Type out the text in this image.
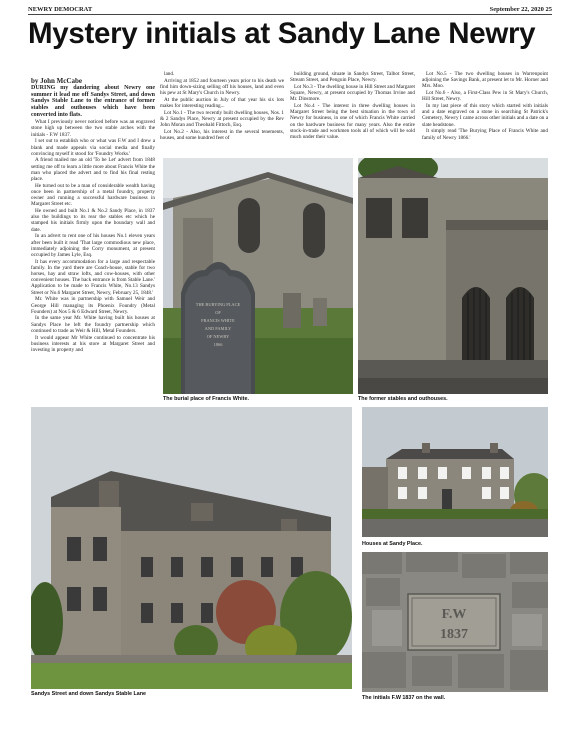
NEWRY DEMOCRAT	September 22, 2020 25
Mystery initials at Sandy Lane Newry

by John McCabe

DURING my dandering about Newry one summer it lead me off Sandys Street, and down Sandys Stable Lane to the entrance of former stables and outhouses which have been converted into flats.

What I previously never noticed before was an engraved stone high up between the two stable arches with the initials - F.W 1837.

I set out to establish who or what was F.W and I drew a blank and made appeals via social media and finally convincing myself it stood for 'Foundry Works.'

A friend mailed me an old 'To be Let' advert from 1848 setting me off to learn a little more about Francis White the man who placed the advert and to find his final resting place.

He turned out to be a man of considerable wealth having once been in partnership of a metal foundry, property owner and running a successful hardware business in Margaret Street etc.

He owned and built No.1 & No.2 Sandy Place, in 1837 also the buildings to its rear the stables etc which he stamped his initials firmly upon the boundary wall and date.

In an advert to rent one of his houses No.1 eleven years after been built it read 'That large commodious new place, immediately adjoining the Corry monument, at present occupied by James Lyle, Esq.

It has every accommodation for a large and respectable family. In the yard there are Coach-house, stable for two horses, hay and straw lofts, and cow-houses, with other convenient houses. The back entrance is from Stable Lane.' Application to be made to Francis White, No.13 Sandys Street or No.6 Margaret Street, Newry, February 25, 1848.'

Mr. White was in partnership with Samuel Weir and George Hill managing its Phoenix Foundry (Metal Founders) at Nos 5 & 6 Edward Street, Newry.

In the same year Mr. White having built his houses at Sandys Place he left the foundry partnership which continued to trade as Weir & Hill, Metal Founders.

It would appear Mr White continued to concentrate his business interests at his store at Margaret Street and investing in property and

land.

Arriving at 1852 and fourteen years prior to his death we find him down-sizing selling off his houses, land and even his pew at St Mary's Church in Newry.

At the public auction in July of that year his six lots makes for interesting reading...

Lot No.1 - The two recently built dwelling houses, Nos. 1 & 2 Sandys Place, Newry at present occupied by the Rev John Moran and Theobald Fittoch, Esq.

Lot No.2 - Also, his interest in the several tenements, houses, and some hundred feet of

building ground, situate in Sandys Street, Talbot Street, Stream Street, and Penguin Place, Newry.

Lot No.3 - The dwelling house in Hill Street and Margaret Square, Newry, at present occupied by Thomas Irvine and Mr. Dinsmore.

Lot No.4 - The interest in three dwelling houses in Margaret Street being the best situation in the town of Newry for business, in one of which Francis White carried on the hardware business for many years. Also the entire stock-in-trade and workmen tools all of which will be sold much under their value.

Lot No.5 - The two dwelling houses in Warrenpoint adjoining the Savings Bank, at present let to Mr. Horner and Mrs. Moo.

Lot No.6 - Also, a First-Class Pew in St Mary's Church, Hill Street, Newry.

In my last piece of this story which started with initials and a date engraved on a stone in searching St Patrick's Cemetery, Newry I came across other initials and a date on a slate headstone.

It simply read 'The Burying Place of Francis White and family of Newry 1866.'

THE BURYING PLACE
OF
FRANCIS WHITE
AND FAMILY
OF NEWRY
1866
The burial place of Francis White.	The former stables and outhouses.
Sandys Street and down Sandys Stable Lane
Houses at Sandy Place.
F.W
1837
The initials F.W 1837 on the wall.
